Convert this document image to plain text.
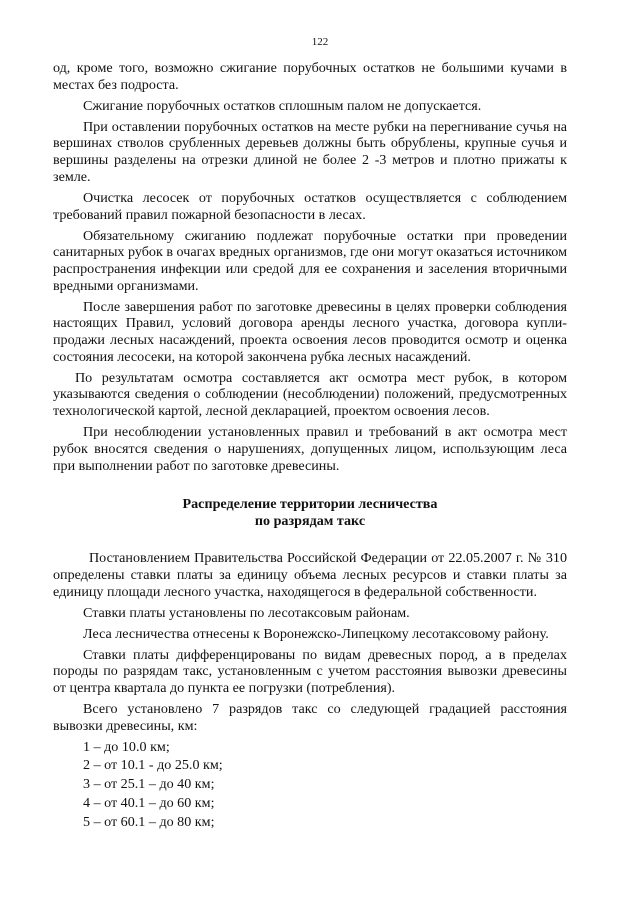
122

од, кроме того, возможно сжигание порубочных остатков не большими кучами в местах без подроста.

Сжигание порубочных остатков сплошным палом не допускается.

При оставлении порубочных остатков на месте рубки на перегнивание сучья на вершинах стволов срубленных деревьев должны быть обрублены, крупные сучья и вершины разделены на отрезки длиной не более 2 -3 метров и плотно прижаты к земле.

Очистка лесосек от порубочных остатков осуществляется с соблюдением требований правил пожарной безопасности в лесах.

Обязательному сжиганию подлежат порубочные остатки при проведении санитарных рубок в очагах вредных организмов, где они могут оказаться источником распространения инфекции или средой для ее сохранения и заселения вторичными вредными организмами.

После завершения работ по заготовке древесины в целях проверки соблюдения настоящих Правил, условий договора аренды лесного участка, договора купли-продажи лесных насаждений, проекта освоения лесов проводится осмотр и оценка состояния лесосеки, на которой закончена рубка лесных насаждений.

По результатам осмотра составляется акт осмотра мест рубок, в котором указываются сведения о соблюдении (несоблюдении) положений, предусмотренных технологической картой, лесной декларацией, проектом освоения лесов.

При несоблюдении установленных правил и требований в акт осмотра мест рубок вносятся сведения о нарушениях, допущенных лицом, использующим леса при выполнении работ по заготовке древесины.

Распределение территории лесничества
по разрядам такс

Постановлением Правительства Российской Федерации от 22.05.2007 г. № 310 определены ставки платы за единицу объема лесных ресурсов и ставки платы за единицу площади лесного участка, находящегося в федеральной собственности.

Ставки платы установлены по лесотаксовым районам.

Леса лесничества отнесены к Воронежско-Липецкому лесотаксовому району.

Ставки платы дифференцированы по видам древесных пород, а в пределах породы по разрядам такс, установленным с учетом расстояния вывозки древесины от центра квартала до пункта ее погрузки (потребления).

Всего установлено 7 разрядов такс со следующей градацией расстояния вывозки древесины, км:

1 – до 10.0 км;
2 – от 10.1 - до 25.0 км;
3 – от 25.1 – до 40 км;
4 – от 40.1 – до 60 км;
5 – от 60.1 – до 80 км;
